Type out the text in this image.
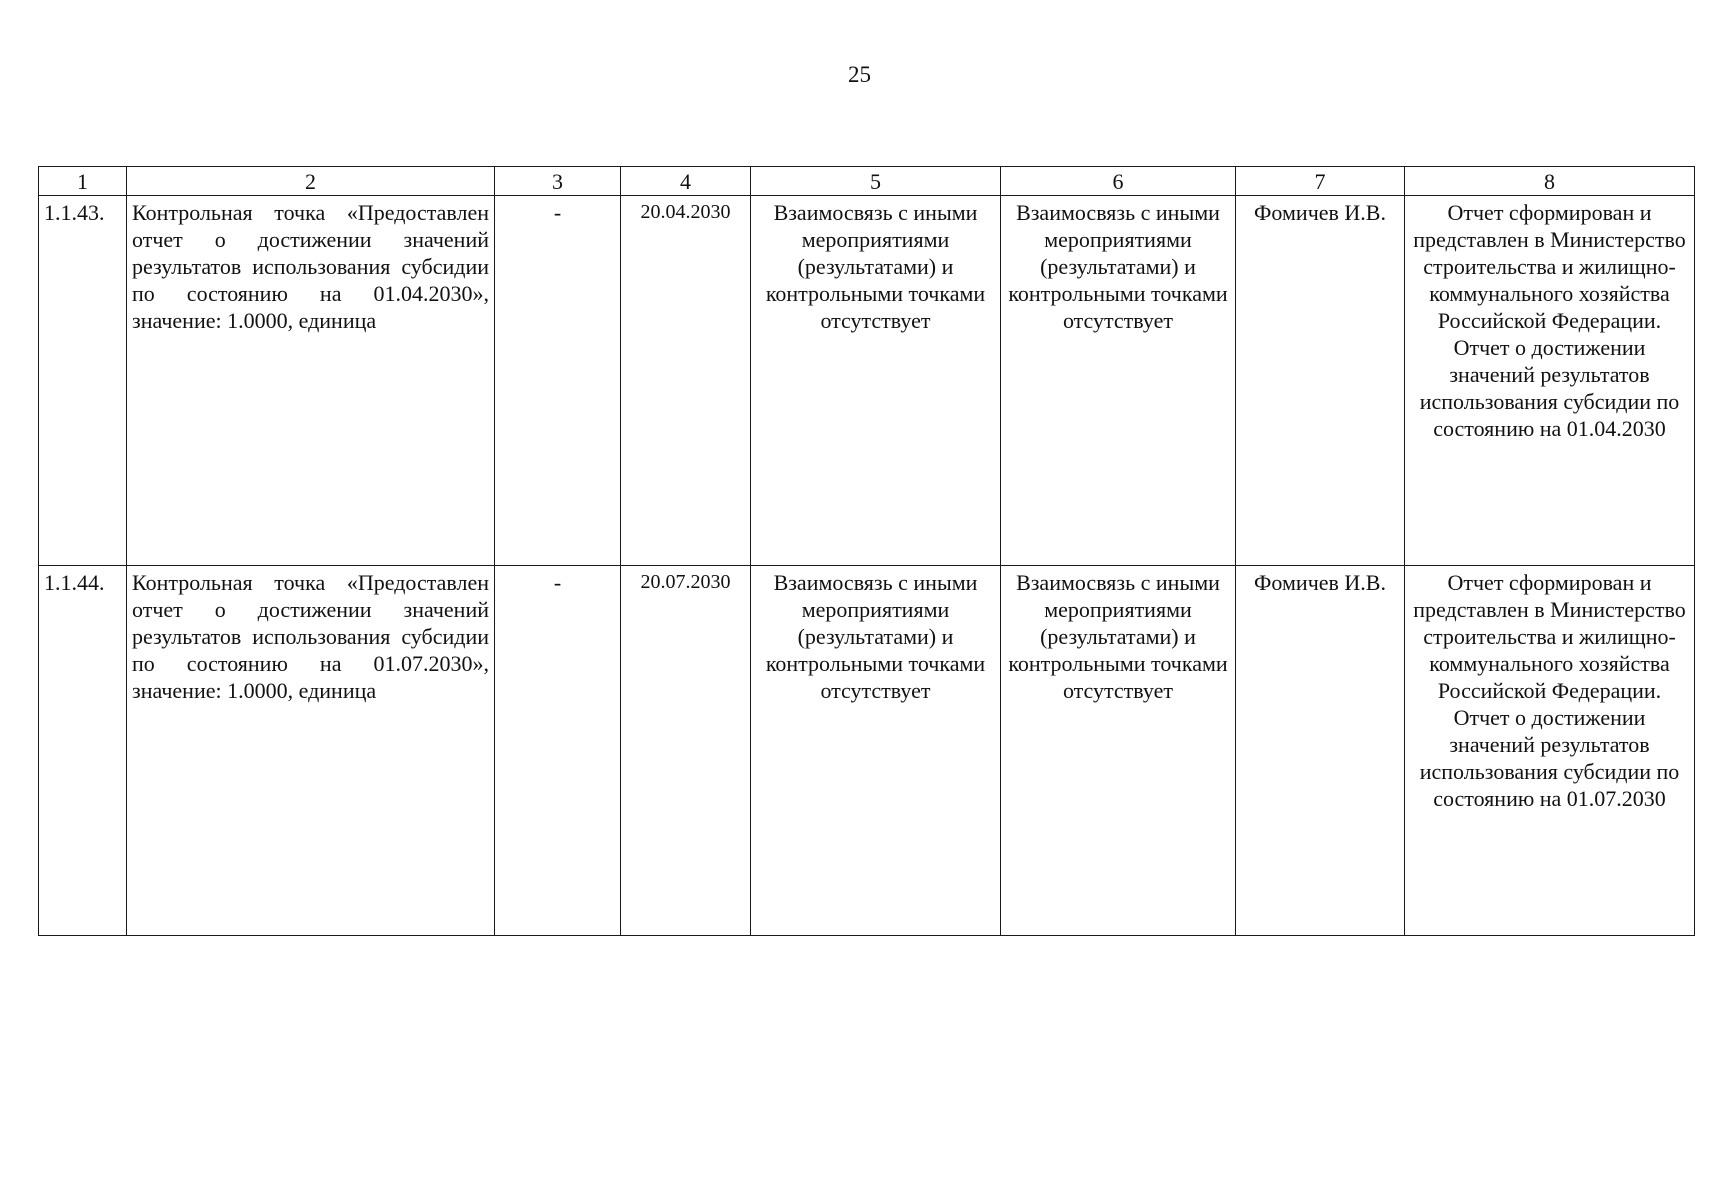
25
1	2	3	4	5	6	7	8
1.1.43.	Контрольная точка «Предоставлен отчет о достижении значений результатов использования субсидии по состоянию на 01.04.2030», значение: 1.0000, единица	-	20.04.2030	Взаимосвязь с иными мероприятиями (результатами) и контрольными точками отсутствует	Взаимосвязь с иными мероприятиями (результатами) и контрольными точками отсутствует	Фомичев И.В.	Отчет сформирован и представлен в Министерство строительства и жилищно-коммунального хозяйства Российской Федерации. Отчет о достижении значений результатов использования субсидии по состоянию на 01.04.2030
1.1.44.	Контрольная точка «Предоставлен отчет о достижении значений результатов использования субсидии по состоянию на 01.07.2030», значение: 1.0000, единица	-	20.07.2030	Взаимосвязь с иными мероприятиями (результатами) и контрольными точками отсутствует	Взаимосвязь с иными мероприятиями (результатами) и контрольными точками отсутствует	Фомичев И.В.	Отчет сформирован и представлен в Министерство строительства и жилищно-коммунального хозяйства Российской Федерации. Отчет о достижении значений результатов использования субсидии по состоянию на 01.07.2030
